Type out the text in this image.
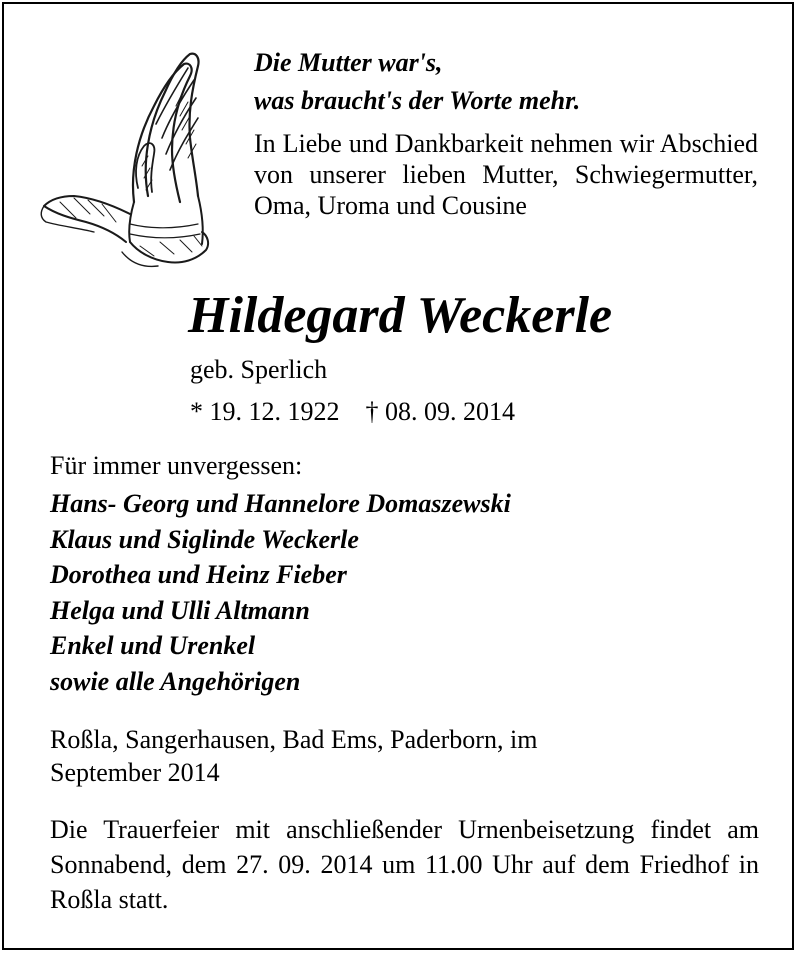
Die Mutter war's,
was braucht's der Worte mehr.
In Liebe und Dankbarkeit nehmen wir Abschied von unserer lieben Mutter, Schwiegermutter, Oma, Uroma und Cousine
Hildegard Weckerle
geb. Sperlich
* 19. 12. 1922 † 08. 09. 2014
Für immer unvergessen:
Hans- Georg und Hannelore Domaszewski
Klaus und Siglinde Weckerle
Dorothea und Heinz Fieber
Helga und Ulli Altmann
Enkel und Urenkel
sowie alle Angehörigen
Roßla, Sangerhausen, Bad Ems, Paderborn, im
September 2014
Die Trauerfeier mit anschließender Urnenbeisetzung findet am Sonnabend, dem 27. 09. 2014 um 11.00 Uhr auf dem Friedhof in Roßla statt.
